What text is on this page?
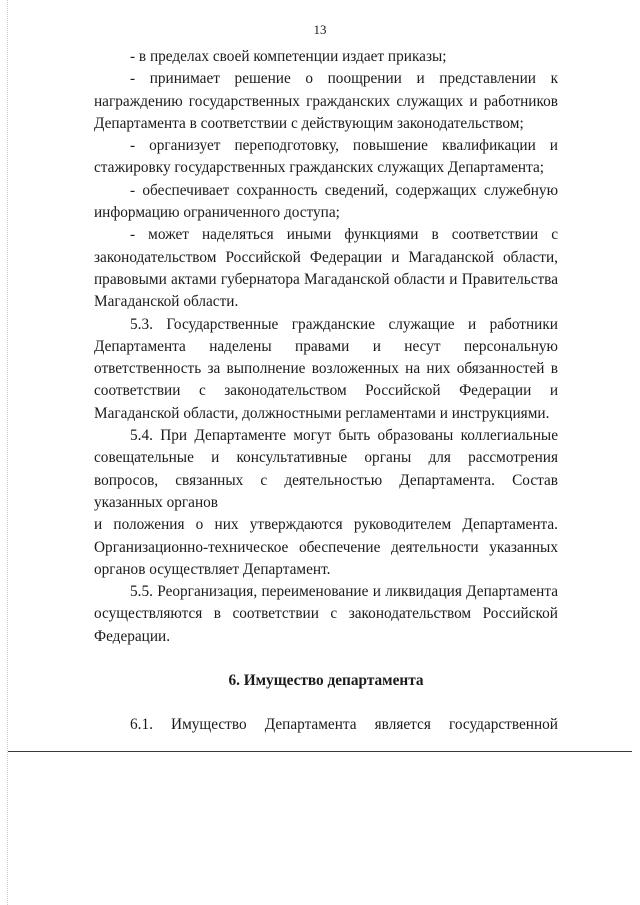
13

- в пределах своей компетенции издает приказы;

- принимает решение о поощрении и представлении к награждению государственных гражданских служащих и работников Департамента в соответствии с действующим законодательством;

- организует переподготовку, повышение квалификации и стажировку государственных гражданских служащих Департамента;

- обеспечивает сохранность сведений, содержащих служебную информацию ограниченного доступа;

- может наделяться иными функциями в соответствии с законодательством Российской Федерации и Магаданской области, правовыми актами губернатора Магаданской области и Правительства Магаданской области.

5.3. Государственные гражданские служащие и работники Департамента наделены правами и несут персональную ответственность за выполнение возложенных на них обязанностей в соответствии с законодательством Российской Федерации и Магаданской области, должностными регламентами и инструкциями.

5.4. При Департаменте могут быть образованы коллегиальные совещательные и консультативные органы для рассмотрения вопросов, связанных с деятельностью Департамента. Состав указанных органов

и положения о них утверждаются руководителем Департамента. Организационно-техническое обеспечение деятельности указанных органов осуществляет Департамент.

5.5. Реорганизация, переименование и ликвидация Департамента осуществляются в соответствии с законодательством Российской Федерации.

6. Имущество департамента

6.1. Имущество Департамента является государственной
